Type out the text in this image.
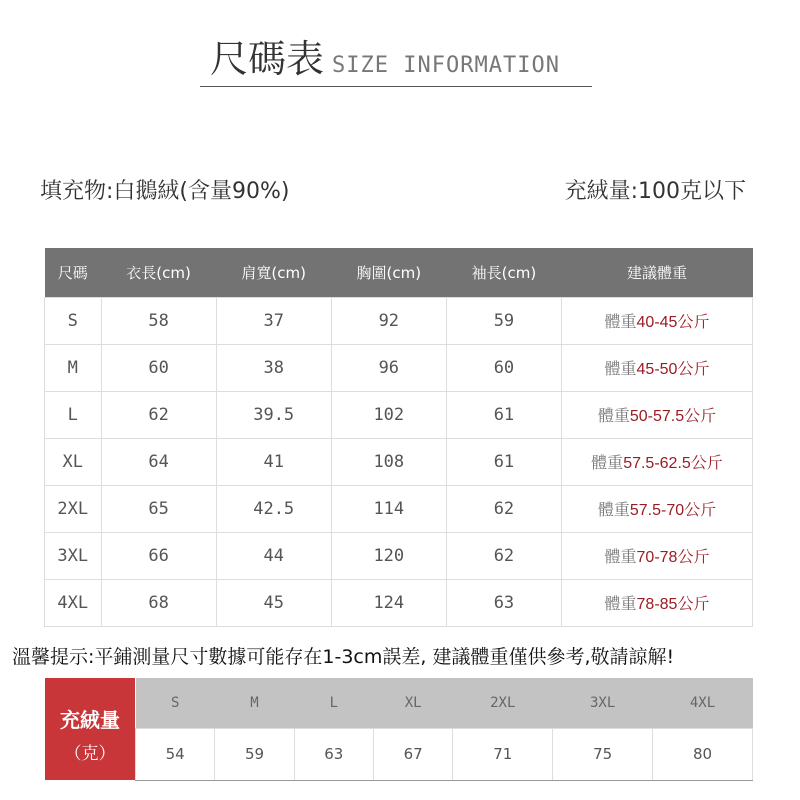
尺碼表 SIZE INFORMATION
填充物:白鵝絨(含量90%)	充絨量:100克以下
尺碼	衣長(cm)	肩寬(cm)	胸圍(cm)	袖長(cm)	建議體重
S	58	37	92	59	體重40-45公斤
M	60	38	96	60	體重45-50公斤
L	62	39.5	102	61	體重50-57.5公斤
XL	64	41	108	61	體重57.5-62.5公斤
2XL	65	42.5	114	62	體重57.5-70公斤
3XL	66	44	120	62	體重70-78公斤
4XL	68	45	124	63	體重78-85公斤
溫馨提示:平鋪測量尺寸數據可能存在1-3cm誤差, 建議體重僅供參考,敬請諒解!
充絨量
（克）
S	M	L	XL	2XL	3XL	4XL
54	59	63	67	71	75	80
